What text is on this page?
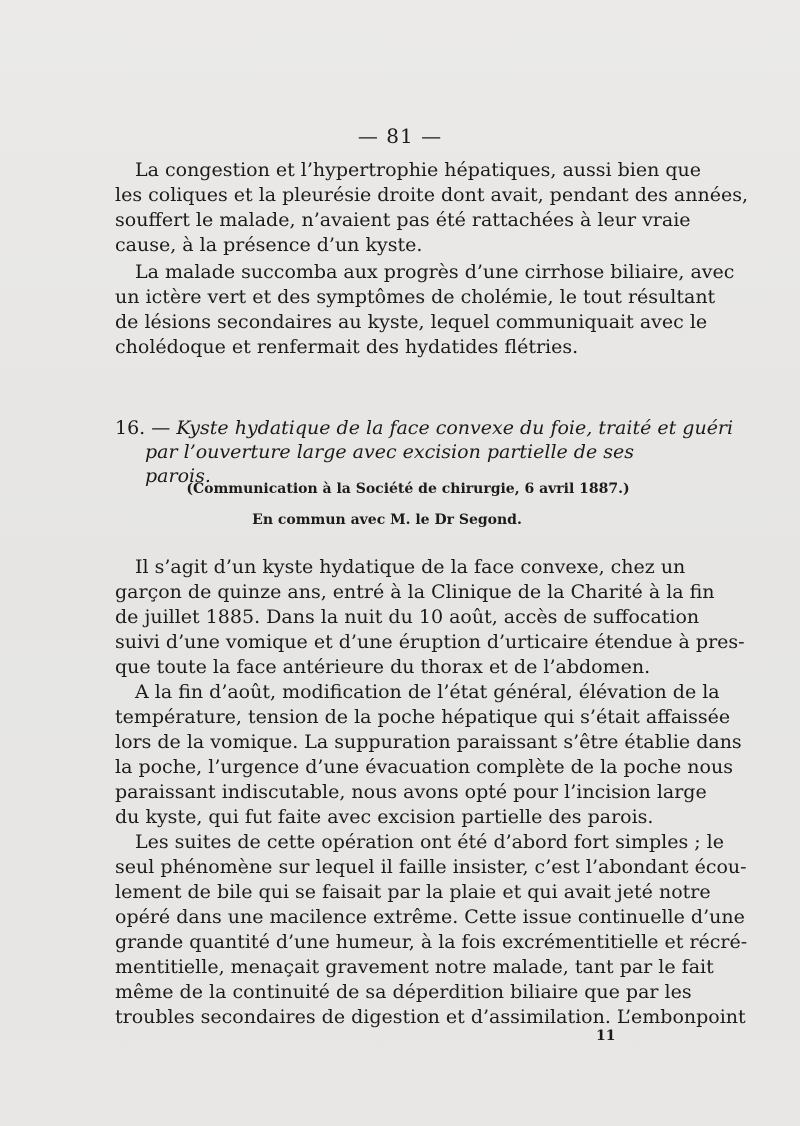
— 81 —
La congestion et l’hypertrophie hépatiques, aussi bien que
les coliques et la pleurésie droite dont avait, pendant des années,
souffert le malade, n’avaient pas été rattachées à leur vraie
cause, à la présence d’un kyste.
La malade succomba aux progrès d’une cirrhose biliaire, avec
un ictère vert et des symptômes de cholémie, le tout résultant
de lésions secondaires au kyste, lequel communiquait avec le
cholédoque et renfermait des hydatides flétries.
16. — Kyste hydatique de la face convexe du foie, traité et guéri
par l’ouverture large avec excision partielle de ses parois.
(Communication à la Société de chirurgie, 6 avril 1887.)
En commun avec M. le Dr Segond.
Il s’agit d’un kyste hydatique de la face convexe, chez un
garçon de quinze ans, entré à la Clinique de la Charité à la fin
de juillet 1885. Dans la nuit du 10 août, accès de suffocation
suivi d’une vomique et d’une éruption d’urticaire étendue à pres-
que toute la face antérieure du thorax et de l’abdomen.
A la fin d’août, modification de l’état général, élévation de la
température, tension de la poche hépatique qui s’était affaissée
lors de la vomique. La suppuration paraissant s’être établie dans
la poche, l’urgence d’une évacuation complète de la poche nous
paraissant indiscutable, nous avons opté pour l’incision large
du kyste, qui fut faite avec excision partielle des parois.
Les suites de cette opération ont été d’abord fort simples ; le
seul phénomène sur lequel il faille insister, c’est l’abondant écou-
lement de bile qui se faisait par la plaie et qui avait jeté notre
opéré dans une macilence extrême. Cette issue continuelle d’une
grande quantité d’une humeur, à la fois excrémentitielle et récré-
mentitielle, menaçait gravement notre malade, tant par le fait
même de la continuité de sa déperdition biliaire que par les
troubles secondaires de digestion et d’assimilation. L’embonpoint
11
